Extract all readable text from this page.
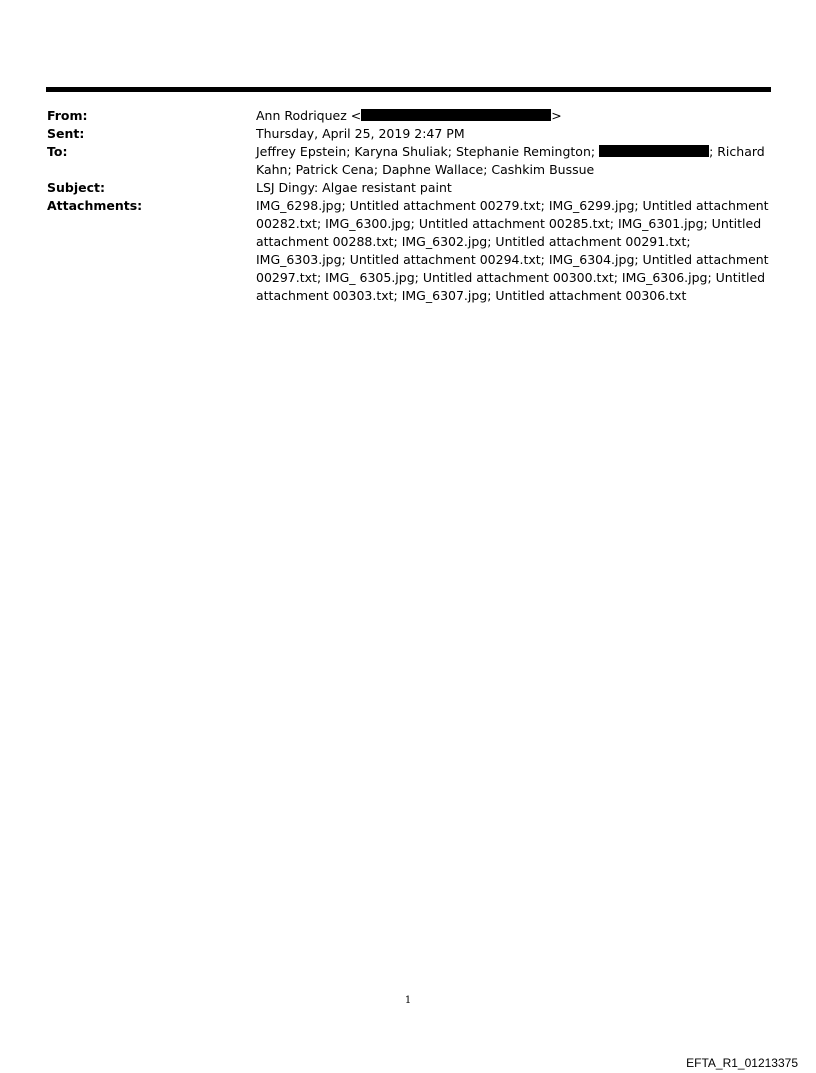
From:	Ann Rodriquez <	>
Sent:	Thursday, April 25, 2019 2:47 PM
To:	Jeffrey Epstein; Karyna Shuliak; Stephanie Remington;	; Richard Kahn; Patrick Cena; Daphne Wallace; Cashkim Bussue
Subject:	LSJ Dingy: Algae resistant paint
Attachments:	IMG_6298.jpg; Untitled attachment 00279.txt; IMG_6299.jpg; Untitled attachment 00282.txt; IMG_6300.jpg; Untitled attachment 00285.txt; IMG_6301.jpg; Untitled attachment 00288.txt; IMG_6302.jpg; Untitled attachment 00291.txt; IMG_6303.jpg; Untitled attachment 00294.txt; IMG_6304.jpg; Untitled attachment 00297.txt; IMG_ 6305.jpg; Untitled attachment 00300.txt; IMG_6306.jpg; Untitled attachment 00303.txt; IMG_6307.jpg; Untitled attachment 00306.txt
1
EFTA_R1_01213375
